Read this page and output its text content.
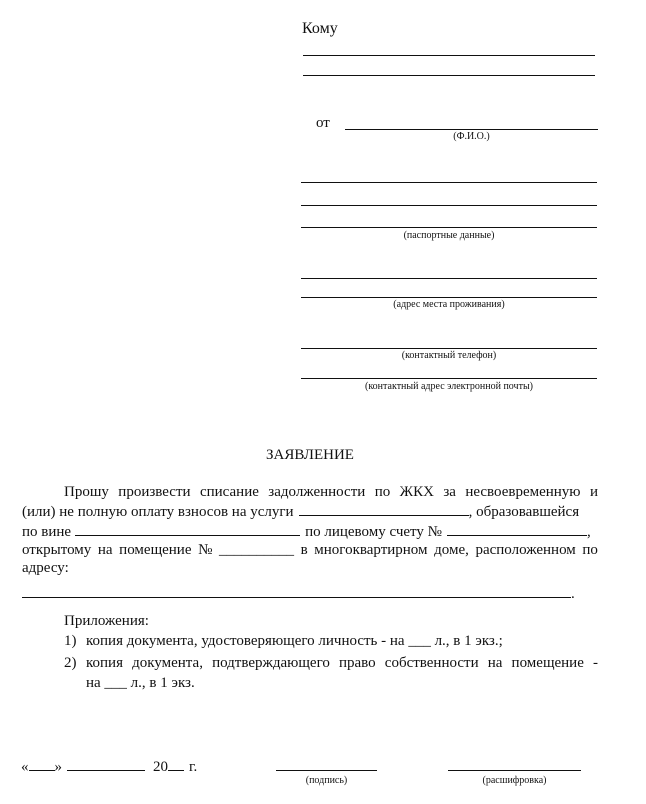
Кому
от
(Ф.И.О.)
(паспортные данные)
(адрес места проживания)
(контактный телефон)
(контактный адрес электронной почты)
ЗАЯВЛЕНИЕ
Прошу произвести списание задолженности по ЖКХ за несвоевременную и
(или) не полную оплату взносов на услуги	, образовавшейся
по вине	по лицевому счету №	,
открытому на помещение № __________ в многоквартирном доме, расположенном по
адресу:
.
Приложения:
1) копия документа, удостоверяющего личность - на ___ л., в 1 экз.;
2) копия документа, подтверждающего право собственности на помещение -
на ___ л., в 1 экз.
« »	20 г.
(подпись)	(расшифровка)
